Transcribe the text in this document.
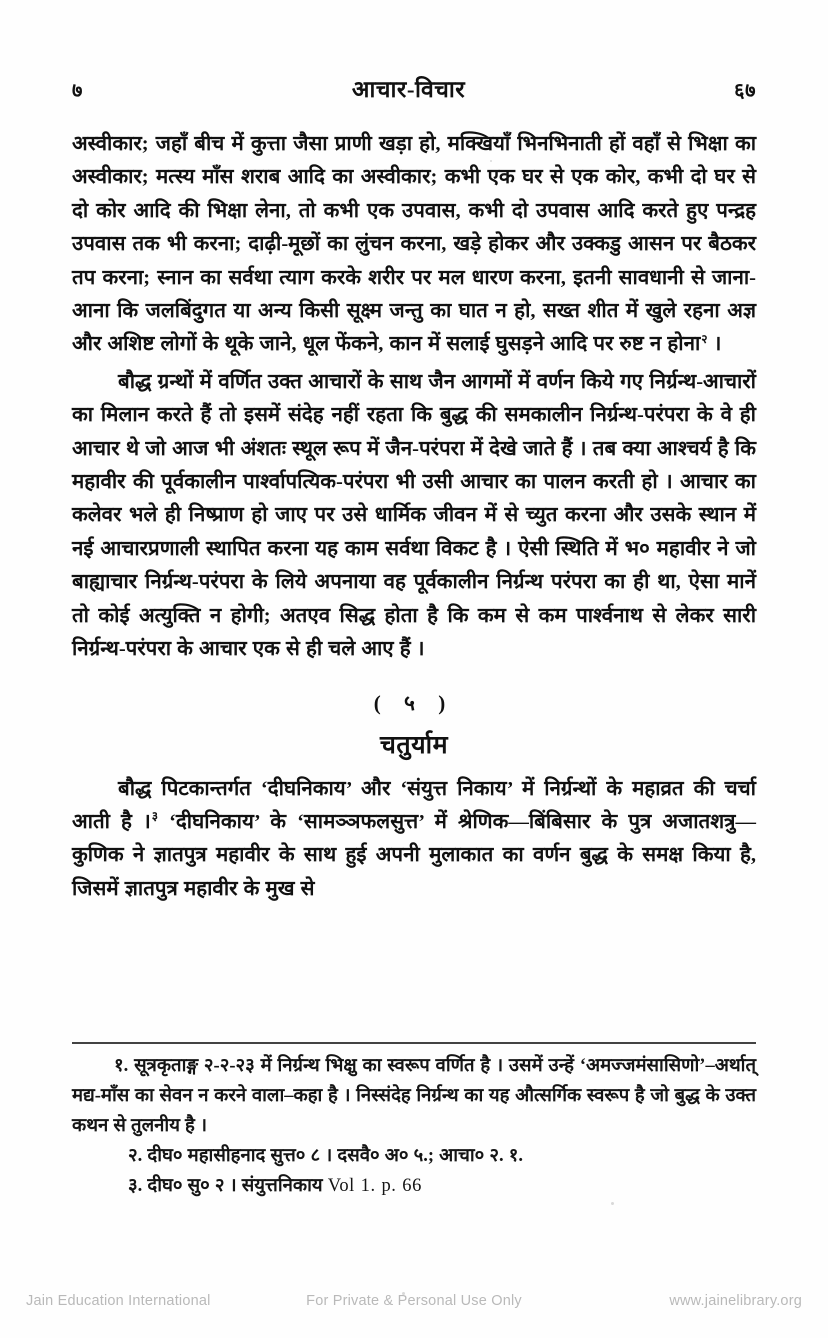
७	आचार-विचार	६७

अस्वीकार; जहाँ बीच में कुत्ता जैसा प्राणी खड़ा हो, मक्खियाँ भिनभिनाती हों वहाँ से भिक्षा का अस्वीकार; मत्स्य माँस शराब आदि का अस्वीकार; कभी एक घर से एक कोर, कभी दो घर से दो कोर आदि की भिक्षा लेना, तो कभी एक उपवास, कभी दो उपवास आदि करते हुए पन्द्रह उपवास तक भी करना; दाढ़ी-मूछों का लुंचन करना, खड़े होकर और उक्कडु आसन पर बैठकर तप करना; स्नान का सर्वथा त्याग करके शरीर पर मल धारण करना, इतनी सावधानी से जाना-आना कि जलबिंदुगत या अन्य किसी सूक्ष्म जन्तु का घात न हो, सख्त शीत में खुले रहना अज्ञ और अशिष्ट लोगों के थूके जाने, धूल फेंकने, कान में सलाई घुसड़ने आदि पर रुष्ट न होना$^२$ ।

बौद्ध ग्रन्थों में वर्णित उक्त आचारों के साथ जैन आगमों में वर्णन किये गए निर्ग्रन्थ-आचारों का मिलान करते हैं तो इसमें संदेह नहीं रहता कि बुद्ध की समकालीन निर्ग्रन्थ-परंपरा के वे ही आचार थे जो आज भी अंशतः स्थूल रूप में जैन-परंपरा में देखे जाते हैं । तब क्या आश्चर्य है कि महावीर की पूर्वकालीन पार्श्वापत्यिक-परंपरा भी उसी आचार का पालन करती हो । आचार का कलेवर भले ही निष्प्राण हो जाए पर उसे धार्मिक जीवन में से च्युत करना और उसके स्थान में नई आचारप्रणाली स्थापित करना यह काम सर्वथा विकट है । ऐसी स्थिति में भ० महावीर ने जो बाह्याचार निर्ग्रन्थ-परंपरा के लिये अपनाया वह पूर्वकालीन निर्ग्रन्थ परंपरा का ही था, ऐसा मानें तो कोई अत्युक्ति न होगी; अतएव सिद्ध होता है कि कम से कम पार्श्वनाथ से लेकर सारी निर्ग्रन्थ-परंपरा के आचार एक से ही चले आए हैं ।

( ५ )
चतुर्याम

बौद्ध पिटकान्तर्गत ‘दीघनिकाय’ और ‘संयुत्त निकाय’ में निर्ग्रन्थों के महाव्रत की चर्चा आती है ।$^३$ ‘दीघनिकाय’ के ‘सामञ्ञफलसुत्त’ में श्रेणिक—बिंबिसार के पुत्र अजातशत्रु—कुणिक ने ज्ञातपुत्र महावीर के साथ हुई अपनी मुलाकात का वर्णन बुद्ध के समक्ष किया है, जिसमें ज्ञातपुत्र महावीर के मुख से

१. सूत्रकृताङ्ग २-२-२३ में निर्ग्रन्थ भिक्षु का स्वरूप वर्णित है । उसमें उन्हें ‘अमज्जमंसासिणो’–अर्थात् मद्य-माँस का सेवन न करने वाला–कहा है । निस्संदेह निर्ग्रन्थ का यह औत्सर्गिक स्वरूप है जो बुद्ध के उक्त कथन से तुलनीय है ।

२. दीघ० महासीहनाद सुत्त० ८ । दसवै० अ० ५.; आचा० २. १.

३. दीघ० सु० २ । संयुत्तनिकाय Vol 1. p. 66

Jain Education International	For Private & Personal Use Only	www.jainelibrary.org
